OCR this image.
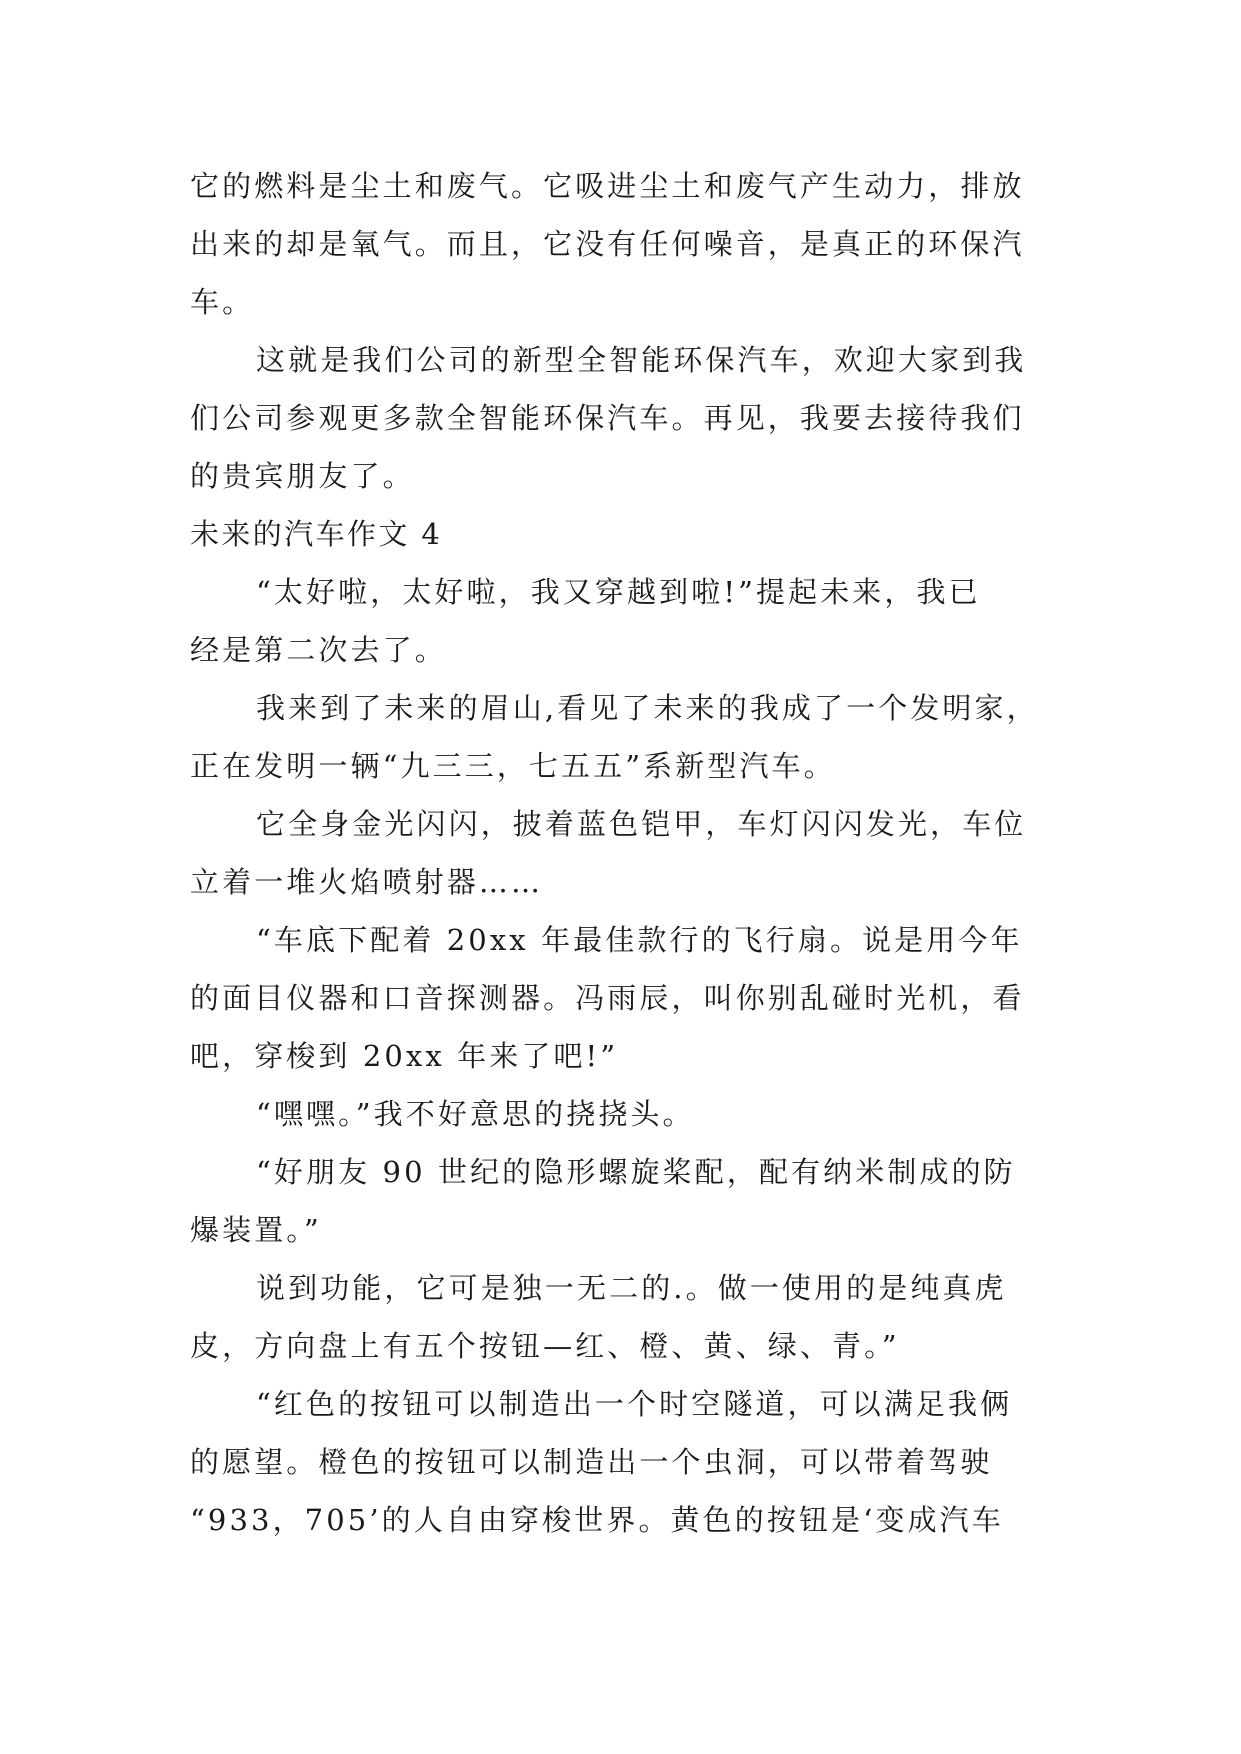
它的燃料是尘土和废气。它吸进尘土和废气产生动力，排放
出来的却是氧气。而且，它没有任何噪音，是真正的环保汽
车。
这就是我们公司的新型全智能环保汽车，欢迎大家到我
们公司参观更多款全智能环保汽车。再见，我要去接待我们
的贵宾朋友了。
未来的汽车作文 4
“太好啦，太好啦，我又穿越到啦!”提起未来，我已
经是第二次去了。
我来到了未来的眉山,看见了未来的我成了一个发明家，
正在发明一辆“九三三，七五五”系新型汽车。
它全身金光闪闪，披着蓝色铠甲，车灯闪闪发光，车位
立着一堆火焰喷射器……
“车底下配着 20xx 年最佳款行的飞行扇。说是用今年
的面目仪器和口音探测器。冯雨辰，叫你别乱碰时光机，看
吧，穿梭到 20xx 年来了吧!”
“嘿嘿。”我不好意思的挠挠头。
“好朋友 90 世纪的隐形螺旋桨配，配有纳米制成的防
爆装置。”
说到功能，它可是独一无二的.。做一使用的是纯真虎
皮，方向盘上有五个按钮—红、橙、黄、绿、青。”
“红色的按钮可以制造出一个时空隧道，可以满足我俩
的愿望。橙色的按钮可以制造出一个虫洞，可以带着驾驶
“933，705’的人自由穿梭世界。黄色的按钮是‘变成汽车
